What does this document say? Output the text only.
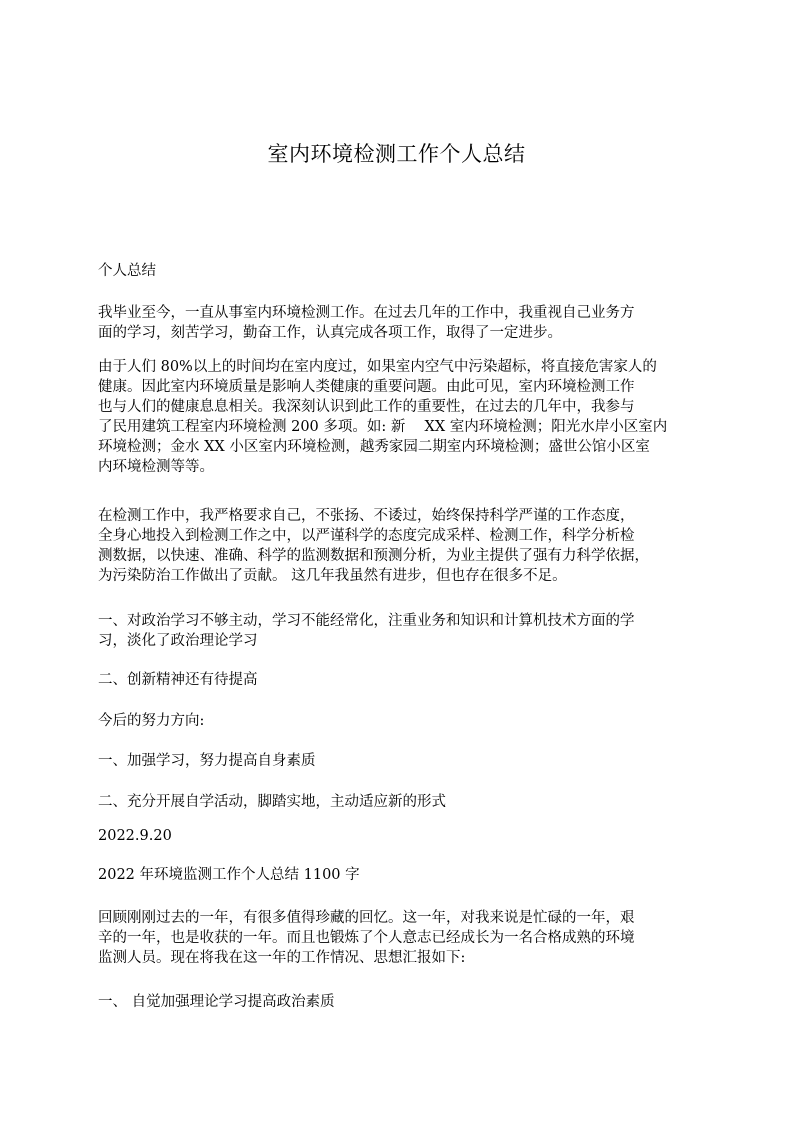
室内环境检测工作个人总结

个人总结

我毕业至今，一直从事室内环境检测工作。在过去几年的工作中，我重视自己业务方
面的学习，刻苦学习，勤奋工作，认真完成各项工作，取得了一定进步。

由于人们 80%以上的时间均在室内度过，如果室内空气中污染超标，将直接危害家人的
健康。因此室内环境质量是影响人类健康的重要问题。由此可见，室内环境检测工作
也与人们的健康息息相关。我深刻认识到此工作的重要性，在过去的几年中，我参与
了民用建筑工程室内环境检测 200 多项。如: 新　 XX 室内环境检测；阳光水岸小区室内
环境检测；金水 XX 小区室内环境检测，越秀家园二期室内环境检测；盛世公馆小区室
内环境检测等等。

在检测工作中，我严格要求自己，不张扬、不诿过，始终保持科学严谨的工作态度，
全身心地投入到检测工作之中，以严谨科学的态度完成采样、检测工作，科学分析检
测数据，以快速、准确、科学的监测数据和预测分析，为业主提供了强有力科学依据，
为污染防治工作做出了贡献。 这几年我虽然有进步，但也存在很多不足。

一、对政治学习不够主动，学习不能经常化，注重业务和知识和计算机技术方面的学
习，淡化了政治理论学习

二、创新精神还有待提高

今后的努力方向:

一、加强学习，努力提高自身素质

二、充分开展自学活动，脚踏实地，主动适应新的形式

2022.9.20

2022 年环境监测工作个人总结 1100 字

回顾刚刚过去的一年，有很多值得珍藏的回忆。这一年，对我来说是忙碌的一年，艰
辛的一年，也是收获的一年。而且也锻炼了个人意志已经成长为一名合格成熟的环境
监测人员。现在将我在这一年的工作情况、思想汇报如下:

一、 自觉加强理论学习提高政治素质
